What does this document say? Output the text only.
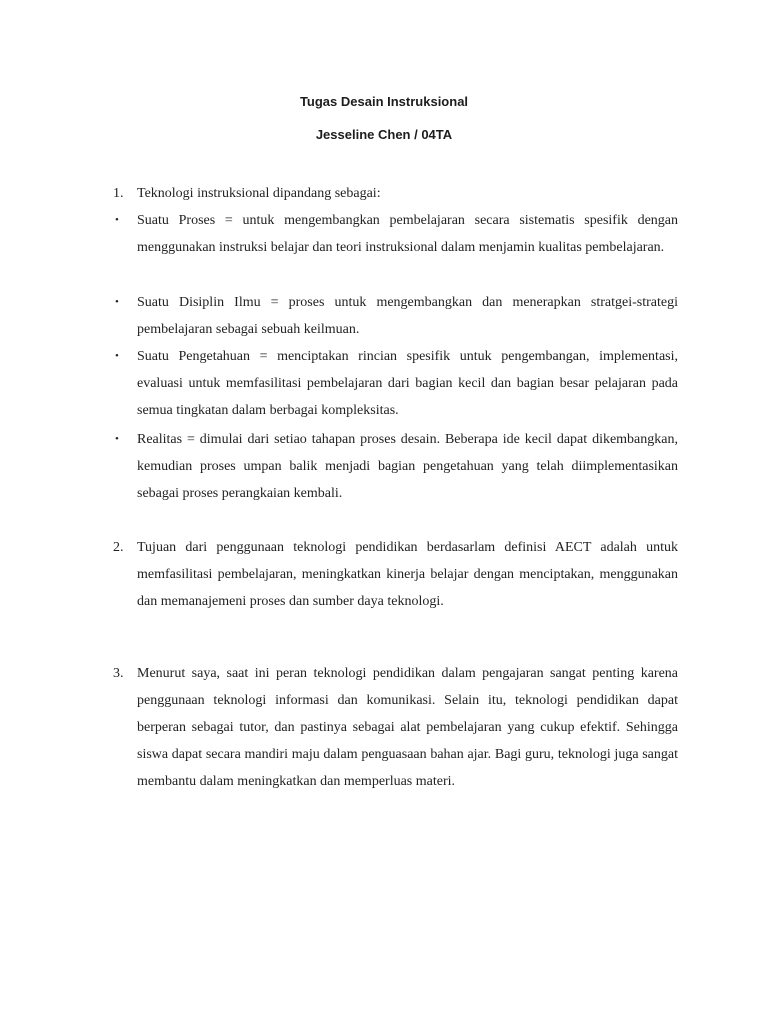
Tugas Desain Instruksional
Jesseline Chen / 04TA
1. Teknologi instruksional dipandang sebagai:
• Suatu Proses = untuk mengembangkan pembelajaran secara sistematis spesifik dengan menggunakan instruksi belajar dan teori instruksional dalam menjamin kualitas pembelajaran.
• Suatu Disiplin Ilmu = proses untuk mengembangkan dan menerapkan stratgei-strategi pembelajaran sebagai sebuah keilmuan.
• Suatu Pengetahuan = menciptakan rincian spesifik untuk pengembangan, implementasi, evaluasi untuk memfasilitasi pembelajaran dari bagian kecil dan bagian besar pelajaran pada semua tingkatan dalam berbagai kompleksitas.
• Realitas = dimulai dari setiao tahapan proses desain. Beberapa ide kecil dapat dikembangkan, kemudian proses umpan balik menjadi bagian pengetahuan yang telah diimplementasikan sebagai proses perangkaian kembali.
2. Tujuan dari penggunaan teknologi pendidikan berdasarlam definisi AECT adalah untuk memfasilitasi pembelajaran, meningkatkan kinerja belajar dengan menciptakan, menggunakan dan memanajemeni proses dan sumber daya teknologi.
3. Menurut saya, saat ini peran teknologi pendidikan dalam pengajaran sangat penting karena penggunaan teknologi informasi dan komunikasi. Selain itu, teknologi pendidikan dapat berperan sebagai tutor, dan pastinya sebagai alat pembelajaran yang cukup efektif. Sehingga siswa dapat secara mandiri maju dalam penguasaan bahan ajar. Bagi guru, teknologi juga sangat membantu dalam meningkatkan dan memperluas materi.
